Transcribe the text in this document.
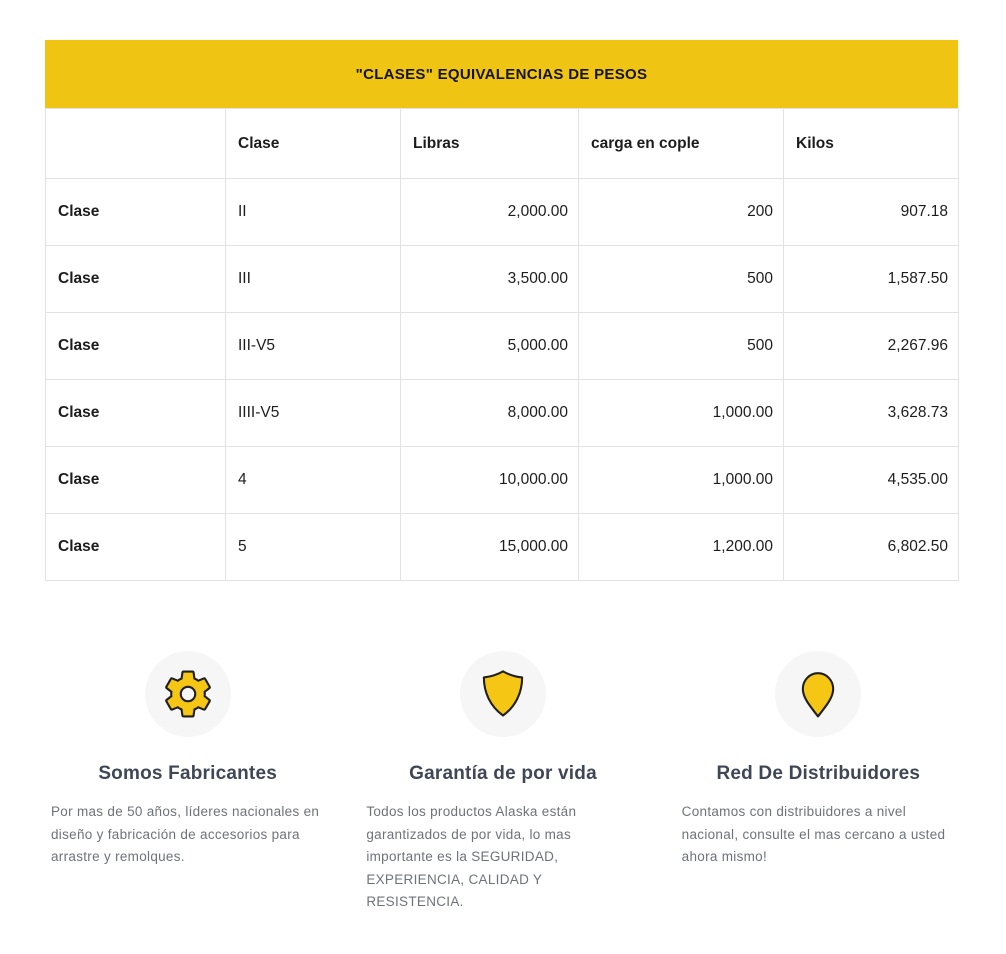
"CLASES" EQUIVALENCIAS DE PESOS
	Clase	Libras	carga en cople	Kilos
Clase	II	2,000.00	200	907.18
Clase	III	3,500.00	500	1,587.50
Clase	III-V5	5,000.00	500	2,267.96
Clase	IIII-V5	8,000.00	1,000.00	3,628.73
Clase	4	10,000.00	1,000.00	4,535.00
Clase	5	15,000.00	1,200.00	6,802.50
Somos Fabricantes

Por mas de 50 años, líderes nacionales en diseño y fabricación de accesorios para arrastre y remolques.

Garantía de por vida

Todos los productos Alaska están garantizados de por vida, lo mas importante es la SEGURIDAD, EXPERIENCIA, CALIDAD Y RESISTENCIA.

Red De Distribuidores

Contamos con distribuidores a nivel nacional, consulte el mas cercano a usted ahora mismo!
